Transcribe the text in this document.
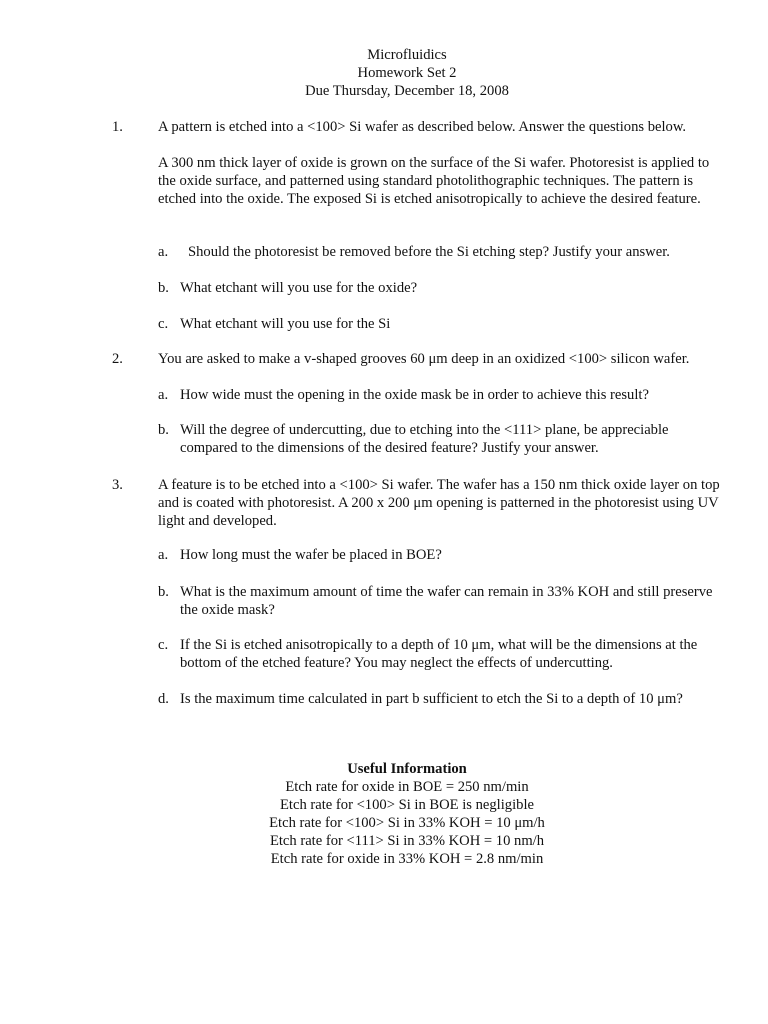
Microfluidics
Homework Set 2
Due Thursday, December 18, 2008
1. A pattern is etched into a <100> Si wafer as described below. Answer the questions below.
A 300 nm thick layer of oxide is grown on the surface of the Si wafer. Photoresist is applied to the oxide surface, and patterned using standard photolithographic techniques. The pattern is etched into the oxide. The exposed Si is etched anisotropically to achieve the desired feature.
a. Should the photoresist be removed before the Si etching step? Justify your answer.
b. What etchant will you use for the oxide?
c. What etchant will you use for the Si
2. You are asked to make a v-shaped grooves 60 μm deep in an oxidized <100> silicon wafer.
a. How wide must the opening in the oxide mask be in order to achieve this result?
b. Will the degree of undercutting, due to etching into the <111> plane, be appreciable compared to the dimensions of the desired feature? Justify your answer.
3. A feature is to be etched into a <100> Si wafer. The wafer has a 150 nm thick oxide layer on top and is coated with photoresist. A 200 x 200 μm opening is patterned in the photoresist using UV light and developed.
a. How long must the wafer be placed in BOE?
b. What is the maximum amount of time the wafer can remain in 33% KOH and still preserve the oxide mask?
c. If the Si is etched anisotropically to a depth of 10 μm, what will be the dimensions at the bottom of the etched feature? You may neglect the effects of undercutting.
d. Is the maximum time calculated in part b sufficient to etch the Si to a depth of 10 μm?
Useful Information
Etch rate for oxide in BOE = 250 nm/min
Etch rate for <100> Si in BOE is negligible
Etch rate for <100> Si in 33% KOH = 10 μm/h
Etch rate for <111> Si in 33% KOH = 10 nm/h
Etch rate for oxide in 33% KOH = 2.8 nm/min
